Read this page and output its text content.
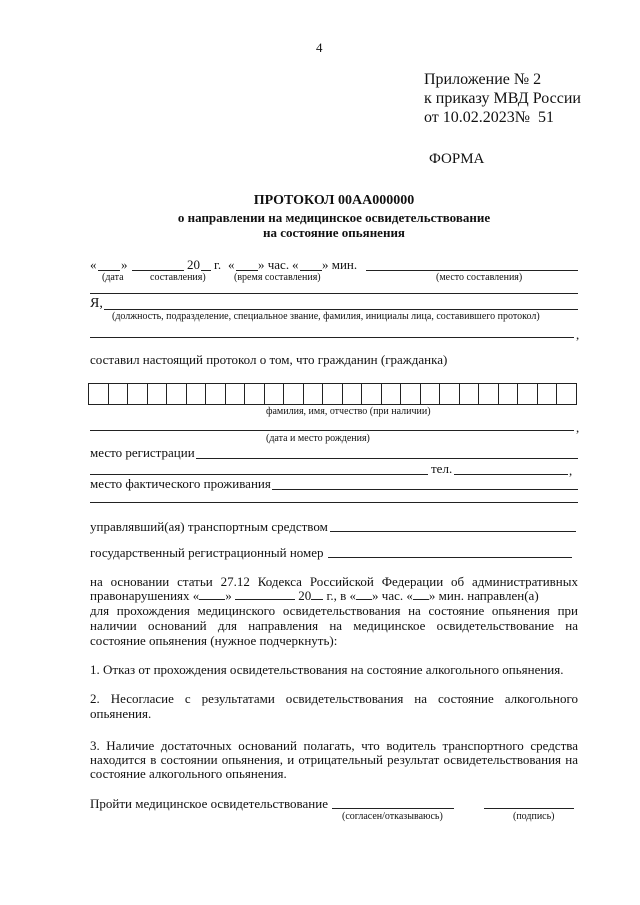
4
Приложение № 2
к приказу МВД России
от 10.02.2023№ 51
ФОРМА
ПРОТОКОЛ 00АА000000
о направлении на медицинское освидетельствование
на состояние опьянения
« »	20 г. « » час. « » мин.
(дата	составления)	(время составления)	(место составления)
Я,
(должность, подразделение, специальное звание, фамилия, инициалы лица, составившего протокол)
,
составил настоящий протокол о том, что гражданин (гражданка)
фамилия, имя, отчество (при наличии)
,
(дата и место рождения)
место регистрации
тел.	,
место фактического проживания
управлявший(ая) транспортным средством
государственный регистрационный номер
на основании статьи 27.12 Кодекса Российской Федерации об административных
правонарушениях « »	20 г., в « » час. « » мин. направлен(а)
для прохождения медицинского освидетельствования на состояние опьянения при
наличии оснований для направления на медицинское освидетельствование на
состояние опьянения (нужное подчеркнуть):
1. Отказ от прохождения освидетельствования на состояние алкогольного опьянения.
2. Несогласие с результатами освидетельствования на состояние алкогольного
опьянения.
3. Наличие достаточных оснований полагать, что водитель транспортного средства
находится в состоянии опьянения, и отрицательный результат освидетельствования на
состояние алкогольного опьянения.
Пройти медицинское освидетельствование
(согласен/отказываюсь)	(подпись)
